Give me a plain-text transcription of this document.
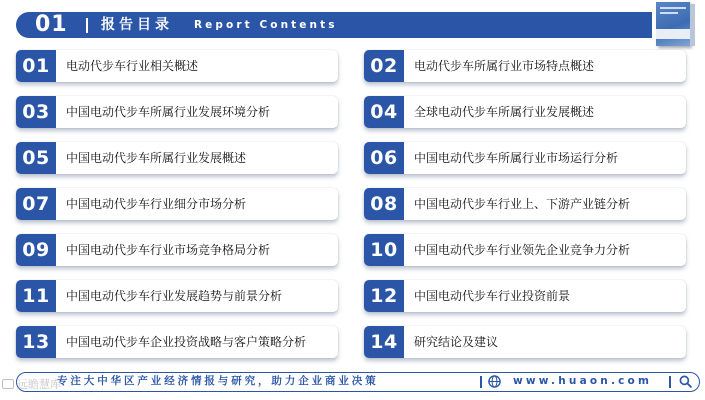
01 报告目录 Report Contents
01	电动代步车行业相关概述	02	电动代步车所属行业市场特点概述
03	中国电动代步车所属行业发展环境分析	04	全球电动代步车所属行业发展概述
05	中国电动代步车所属行业发展概述	06	中国电动代步车所属行业市场运行分析
07	中国电动代步车行业细分市场分析	08	中国电动代步车行业上、下游产业链分析
09	中国电动代步车行业市场竞争格局分析	10	中国电动代步车行业领先企业竞争力分析
11	中国电动代步车行业发展趋势与前景分析	12	中国电动代步车行业投资前景
13	中国电动代步车企业投资战略与客户策略分析	14	研究结论及建议
专注大中华区产业经济情报与研究，助力企业商业决策	www.huaon.com
远瞻慧库
